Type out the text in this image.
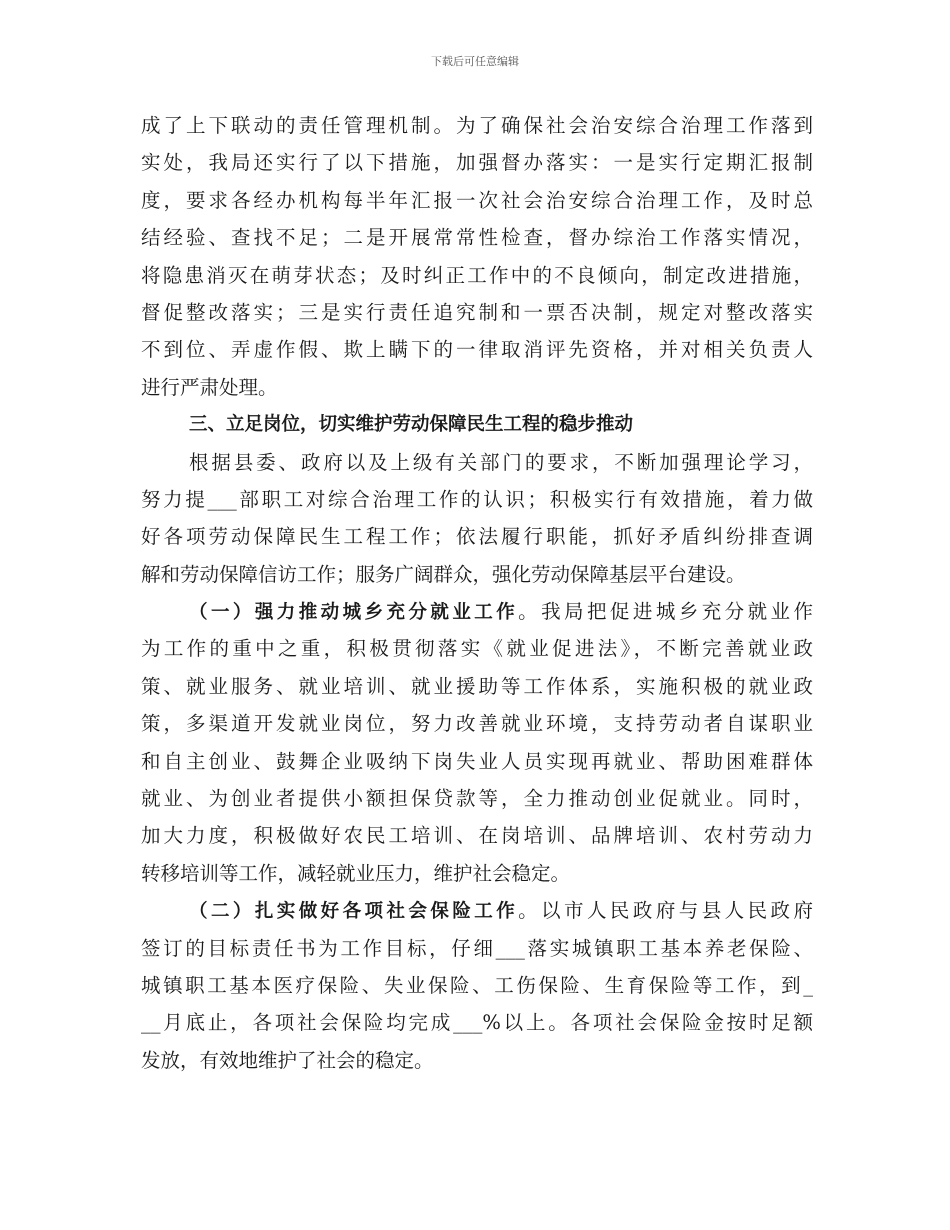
下载后可任意编辑
成了上下联动的责任管理机制。为了确保社会治安综合治理工作落到
实处，我局还实行了以下措施，加强督办落实：一是实行定期汇报制
度，要求各经办机构每半年汇报一次社会治安综合治理工作，及时总
结经验、查找不足；二是开展常常性检查，督办综治工作落实情况，
将隐患消灭在萌芽状态；及时纠正工作中的不良倾向，制定改进措施，
督促整改落实；三是实行责任追究制和一票否决制，规定对整改落实
不到位、弄虚作假、欺上瞒下的一律取消评先资格，并对相关负责人
进行严肃处理。
三、立足岗位，切实维护劳动保障民生工程的稳步推动
根据县委、政府以及上级有关部门的要求，不断加强理论学习，
努力提___部职工对综合治理工作的认识；积极实行有效措施，着力做
好各项劳动保障民生工程工作；依法履行职能，抓好矛盾纠纷排查调
解和劳动保障信访工作；服务广阔群众，强化劳动保障基层平台建设。
（一）强力推动城乡充分就业工作。我局把促进城乡充分就业作
为工作的重中之重，积极贯彻落实《就业促进法》，不断完善就业政
策、就业服务、就业培训、就业援助等工作体系，实施积极的就业政
策，多渠道开发就业岗位，努力改善就业环境，支持劳动者自谋职业
和自主创业、鼓舞企业吸纳下岗失业人员实现再就业、帮助困难群体
就业、为创业者提供小额担保贷款等，全力推动创业促就业。同时，
加大力度，积极做好农民工培训、在岗培训、品牌培训、农村劳动力
转移培训等工作，减轻就业压力，维护社会稳定。
（二）扎实做好各项社会保险工作。以市人民政府与县人民政府
签订的目标责任书为工作目标，仔细___落实城镇职工基本养老保险、
城镇职工基本医疗保险、失业保险、工伤保险、生育保险等工作，到_
__月底止，各项社会保险均完成___%以上。各项社会保险金按时足额
发放，有效地维护了社会的稳定。
